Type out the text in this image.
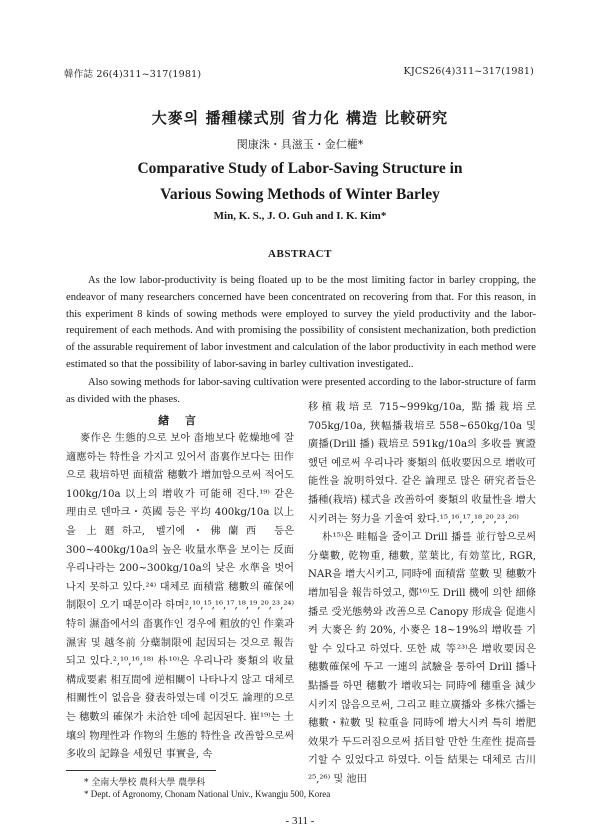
韓作誌 26(4)311~317(1981)	KJCS26(4)311~317(1981)
大麥의 播種樣式別 省力化 構造 比較硏究
閔康洙・具滋玉・金仁權*
Comparative Study of Labor-Saving Structure in
Various Sowing Methods of Winter Barley
Min, K. S., J. O. Guh and I. K. Kim*
ABSTRACT

As the low labor-productivity is being floated up to be the most limiting factor in barley cropping, the endeavor of many researchers concerned have been concentrated on recovering from that. For this reason, in this experiment 8 kinds of sowing methods were employed to survey the yield productivity and the labor-requirement of each methods. And with promising the possibility of consistent mechanization, both prediction of the assurable requirement of labor investment and calculation of the labor productivity in each method were estimated so that the possibility of labor-saving in barley cultivation investigated..

Also sowing methods for labor-saving cultivation were presented according to the labor-structure of farm as divided with the phases.

緖 言

麥作은 生態的으로 보아 畓地보다 乾燥地에 잘 適應하는 特性을 가지고 있어서 畓裏作보다는 田作으로 栽培하면 面積當 穗數가 增加함으로써 적어도 100kg/10a 以上의 增收가 可能해 진다.¹⁹⁾ 같은 理由로 덴마크・英國 등은 平均 400kg/10a 以上을 上廻하고, 벨기에・佛蘭西 등은 300~400kg/10a의 높은 收量水準을 보이는 反面 우리나라는 200~300kg/10a의 낮은 水準을 벗어나지 못하고 있다.²⁴⁾ 대체로 面積當 穗數의 確保에 制限이 오기 때문이라 하며²,¹⁰,¹⁵,¹⁶,¹⁷,¹⁸,¹⁹,²⁰,²³,²⁴⁾ 特히 濕畓에서의 畓裏作인 경우에 粗放的인 作業과 濕害 및 越冬前 分蘗制限에 起因되는 것으로 報告되고 있다.²,¹⁰,¹⁶,¹⁸⁾ 朴¹⁰⁾은 우리나라 麥類의 收量構成要素 相互間에 逆相關이 나타나지 않고 대체로 相關性이 없음을 發表하였는데 이것도 論理的으로는 穗數의 確保가 未洽한 데에 起因된다. 崔¹⁹⁾는 土壤의 物理性과 作物의 生態的 特性을 改善함으로써 多收의 記錄을 세웠던 事實을, 속

移植栽培로 715~999kg/10a, 點播栽培로 705kg/10a, 狹幅播栽培로 558~650kg/10a 및 廣播(Drill 播) 栽培로 591kg/10a의 多收를 實證했던 예로써 우리나라 麥類의 低收要因으로 增收可能性을 說明하였다. 같은 論理로 많은 硏究者들은 播種(栽培) 樣式을 改善하여 麥類의 收量性을 增大시키려는 努力을 기울여 왔다.¹⁵,¹⁶,¹⁷,¹⁸,²⁰,²³,²⁶⁾

朴¹⁵⁾은 畦幅을 줄이고 Drill 播를 並行함으로써 分蘗數, 乾物重, 穗數, 莖葉比, 有効莖比, RGR, NAR을 增大시키고, 同時에 面積當 莖數 및 穗數가 增加됨을 報告하였고, 鄭¹⁶⁾도 Drill 機에 의한 細條播로 受光態勢와 改善으로 Canopy 形成을 促進시켜 大麥은 約 20%, 小麥은 18~19%의 增收를 기할 수 있다고 하였다. 또한 咸 等²³⁾은 增收要因은 穗數確保에 두고 一連의 試驗을 통하여 Drill 播나 點播를 하면 穗數가 增收되는 同時에 穗重을 減少시키지 않음으로써, 그리고 畦立廣播와 多株穴播는 穗數・粒數 및 粒重을 同時에 增大시켜 특히 增肥效果가 두드러짐으로써 括目할 만한 生産性 提高를 기할 수 있었다고 하였다. 이들 結果는 대체로 古川²⁵,²⁶⁾ 및 池田

* 全南大學校 農科大學 農學科
* Dept. of Agronomy, Chonam National Univ., Kwangju 500, Korea
- 311 -
